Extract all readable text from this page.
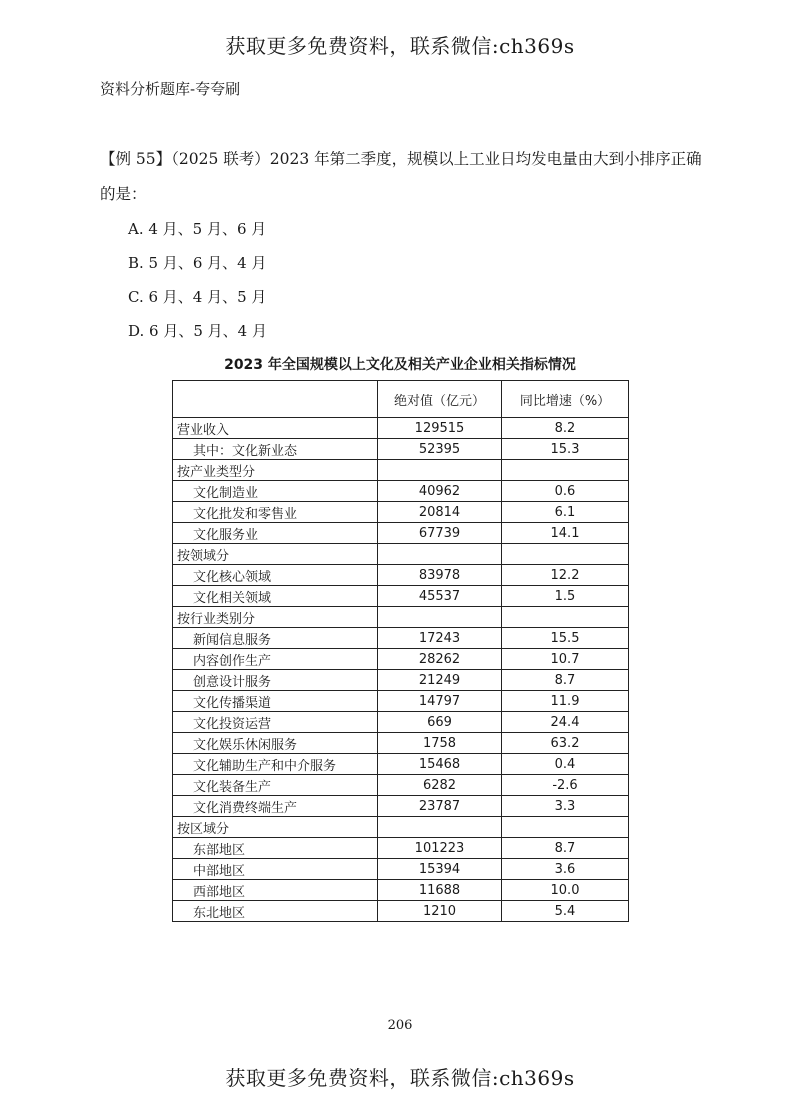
获取更多免费资料，联系微信:ch369s
资料分析题库-夸夸刷
【例 55】（2025 联考）2023 年第二季度，规模以上工业日均发电量由大到小排序正确
的是：
A. 4 月、5 月、6 月
B. 5 月、6 月、4 月
C. 6 月、4 月、5 月
D. 6 月、5 月、4 月
2023 年全国规模以上文化及相关产业企业相关指标情况
	绝对值（亿元）	同比增速（%）
营业收入	129515	8.2
其中：文化新业态	52395	15.3
按产业类型分		
文化制造业	40962	0.6
文化批发和零售业	20814	6.1
文化服务业	67739	14.1
按领域分		
文化核心领域	83978	12.2
文化相关领域	45537	1.5
按行业类别分		
新闻信息服务	17243	15.5
内容创作生产	28262	10.7
创意设计服务	21249	8.7
文化传播渠道	14797	11.9
文化投资运营	669	24.4
文化娱乐休闲服务	1758	63.2
文化辅助生产和中介服务	15468	0.4
文化装备生产	6282	-2.6
文化消费终端生产	23787	3.3
按区域分		
东部地区	101223	8.7
中部地区	15394	3.6
西部地区	11688	10.0
东北地区	1210	5.4
206
获取更多免费资料，联系微信:ch369s
